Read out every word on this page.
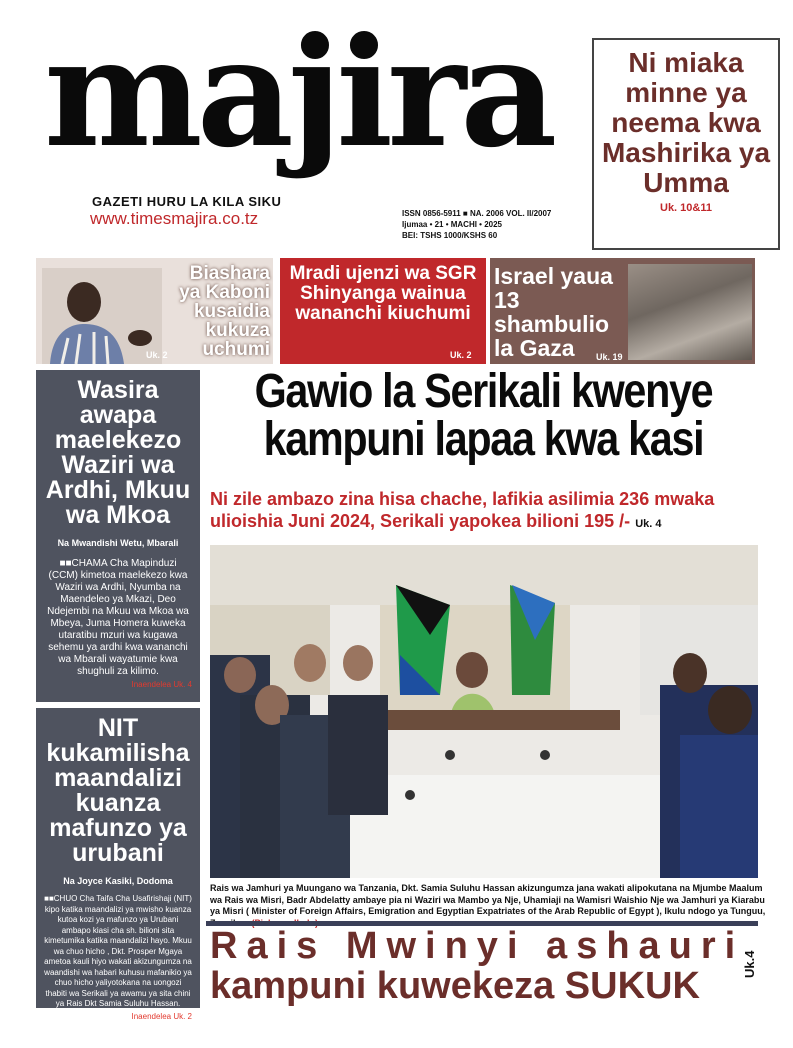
majira
GAZETI HURU LA KILA SIKU
www.timesmajira.co.tz	ISSN 0856-5911 ■ NA. 2006 VOL. II/2007
Ijumaa • 21 • MACHI • 2025
BEI: TSHS 1000/KSHS 60
Ni miaka minne ya neema kwa Mashirika ya Umma
Uk. 10&11
Biashara ya Kaboni kusaidia kukuza uchumi
Uk. 2
Mradi ujenzi wa SGR Shinyanga wainua wananchi kiuchumi
Uk. 2
Israel yaua 13 shambulio la Gaza	Uk. 19
Wasira awapa maelekezo Waziri wa Ardhi, Mkuu wa Mkoa
Na Mwandishi Wetu, Mbarali
■■CHAMA Cha Mapinduzi (CCM) kimetoa maelekezo kwa Waziri wa Ardhi, Nyumba na Maendeleo ya Mkazi, Deo Ndejembi na Mkuu wa Mkoa wa Mbeya, Juma Homera kuweka utaratibu mzuri wa kugawa sehemu ya ardhi kwa wananchi wa Mbarali wayatumie kwa shughuli za kilimo.
Inaendelea Uk. 4
NIT kukamilisha maandalizi kuanza mafunzo ya urubani
Na Joyce Kasiki, Dodoma
■■CHUO Cha Taifa Cha Usafirishaji (NIT) kipo katika maandalizi ya mwisho kuanza kutoa kozi ya mafunzo ya Urubani ambapo kiasi cha sh. bilioni sita kimetumika katika maandalizi hayo. Mkuu wa chuo hicho , Dkt. Prosper Mgaya ametoa kauli hiyo wakati akizungumza na waandishi wa habari kuhusu mafanikio ya chuo hicho yaliyotokana na uongozi thabiti wa Serikali ya awamu ya sita chini ya Rais Dkt Samia Suluhu Hassan.
Inaendelea Uk. 2
Gawio la Serikali kwenye
kampuni lapaa kwa kasi
Ni zile ambazo zina hisa chache, lafikia asilimia 236 mwaka ulioishia Juni 2024, Serikali yapokea bilioni 195 /- Uk. 4
Rais wa Jamhuri ya Muungano wa Tanzania, Dkt. Samia Suluhu Hassan akizungumza jana wakati alipokutana na Mjumbe Maalum wa Rais wa Misri, Badr Abdelatty ambaye pia ni Waziri wa Mambo ya Nje, Uhamiaji na Wamisri Waishio Nje wa Jamhuri ya Kiarabu ya Misri ( Minister of Foreign Affairs, Emigration and Egyptian Expatriates of the Arab Republic of Egypt ), Ikulu ndogo ya Tunguu,
Rais Mwinyi ashauri
kampuni kuwekeza SUKUK
Uk.4
